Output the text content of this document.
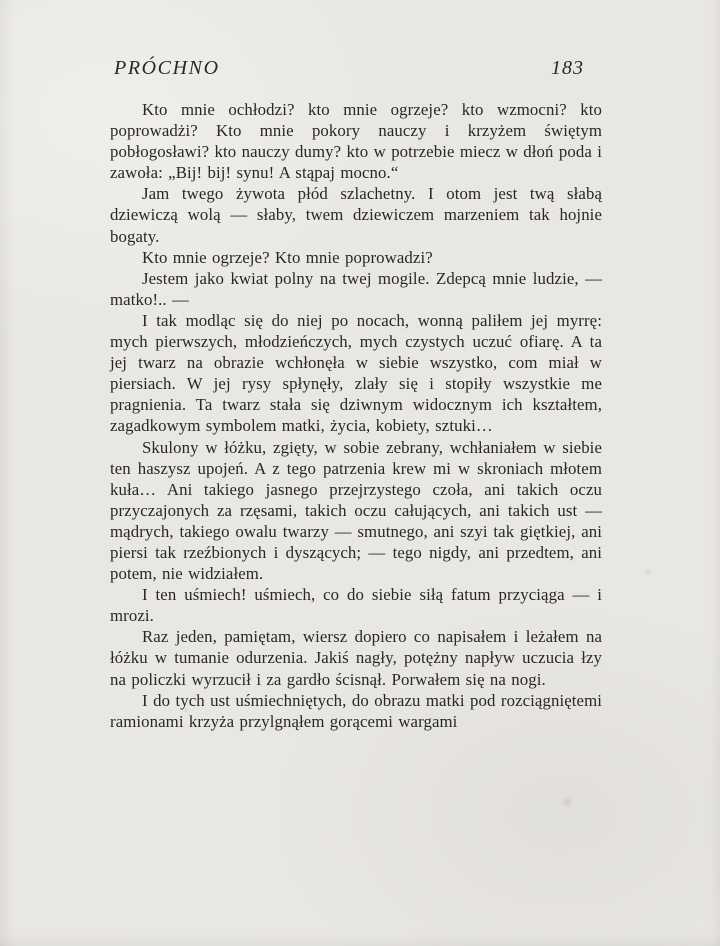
PRÓCHNO	183

Kto mnie ochłodzi? kto mnie ogrzeje? kto wzmocni? kto poprowadżi? Kto mnie pokory nauczy i krzyżem świętym pobłogosławi? kto nauczy dumy? kto w potrzebie miecz w dłoń poda i zawoła: „Bij! bij! synu! A stąpaj mocno.“

Jam twego żywota płód szlachetny. I otom jest twą słabą dziewiczą wolą — słaby, twem dziewiczem marzeniem tak hojnie bogaty.

Kto mnie ogrzeje? Kto mnie poprowadzi?

Jestem jako kwiat polny na twej mogile. Zdepcą mnie ludzie, — matko!.. —

I tak modląc się do niej po nocach, wonną paliłem jej myrrę: mych pierwszych, młodzieńczych, mych czystych uczuć ofiarę. A ta jej twarz na obrazie wchłonęła w siebie wszystko, com miał w piersiach. W jej rysy spłynęły, zlały się i stopiły wszystkie me pragnienia. Ta twarz stała się dziwnym widocznym ich kształtem, zagadkowym symbolem matki, życia, kobiety, sztuki…

Skulony w łóżku, zgięty, w sobie zebrany, wchłaniałem w siebie ten haszysz upojeń. A z tego patrzenia krew mi w skroniach młotem kuła… Ani takiego jasnego przejrzystego czoła, ani takich oczu przyczajonych za rzęsami, takich oczu całujących, ani takich ust — mądrych, takiego owalu twarzy — smutnego, ani szyi tak giętkiej, ani piersi tak rzeźbionych i dyszących; — tego nigdy, ani przedtem, ani potem, nie widziałem.

I ten uśmiech! uśmiech, co do siebie siłą fatum przyciąga — i mrozi.

Raz jeden, pamiętam, wiersz dopiero co napisałem i leżałem na łóżku w tumanie odurzenia. Jakiś nagły, potężny napływ uczucia łzy na policzki wyrzucił i za gardło ścisnął. Porwałem się na nogi.

I do tych ust uśmiechniętych, do obrazu matki pod rozciągniętemi ramionami krzyża przylgnąłem gorącemi wargami
